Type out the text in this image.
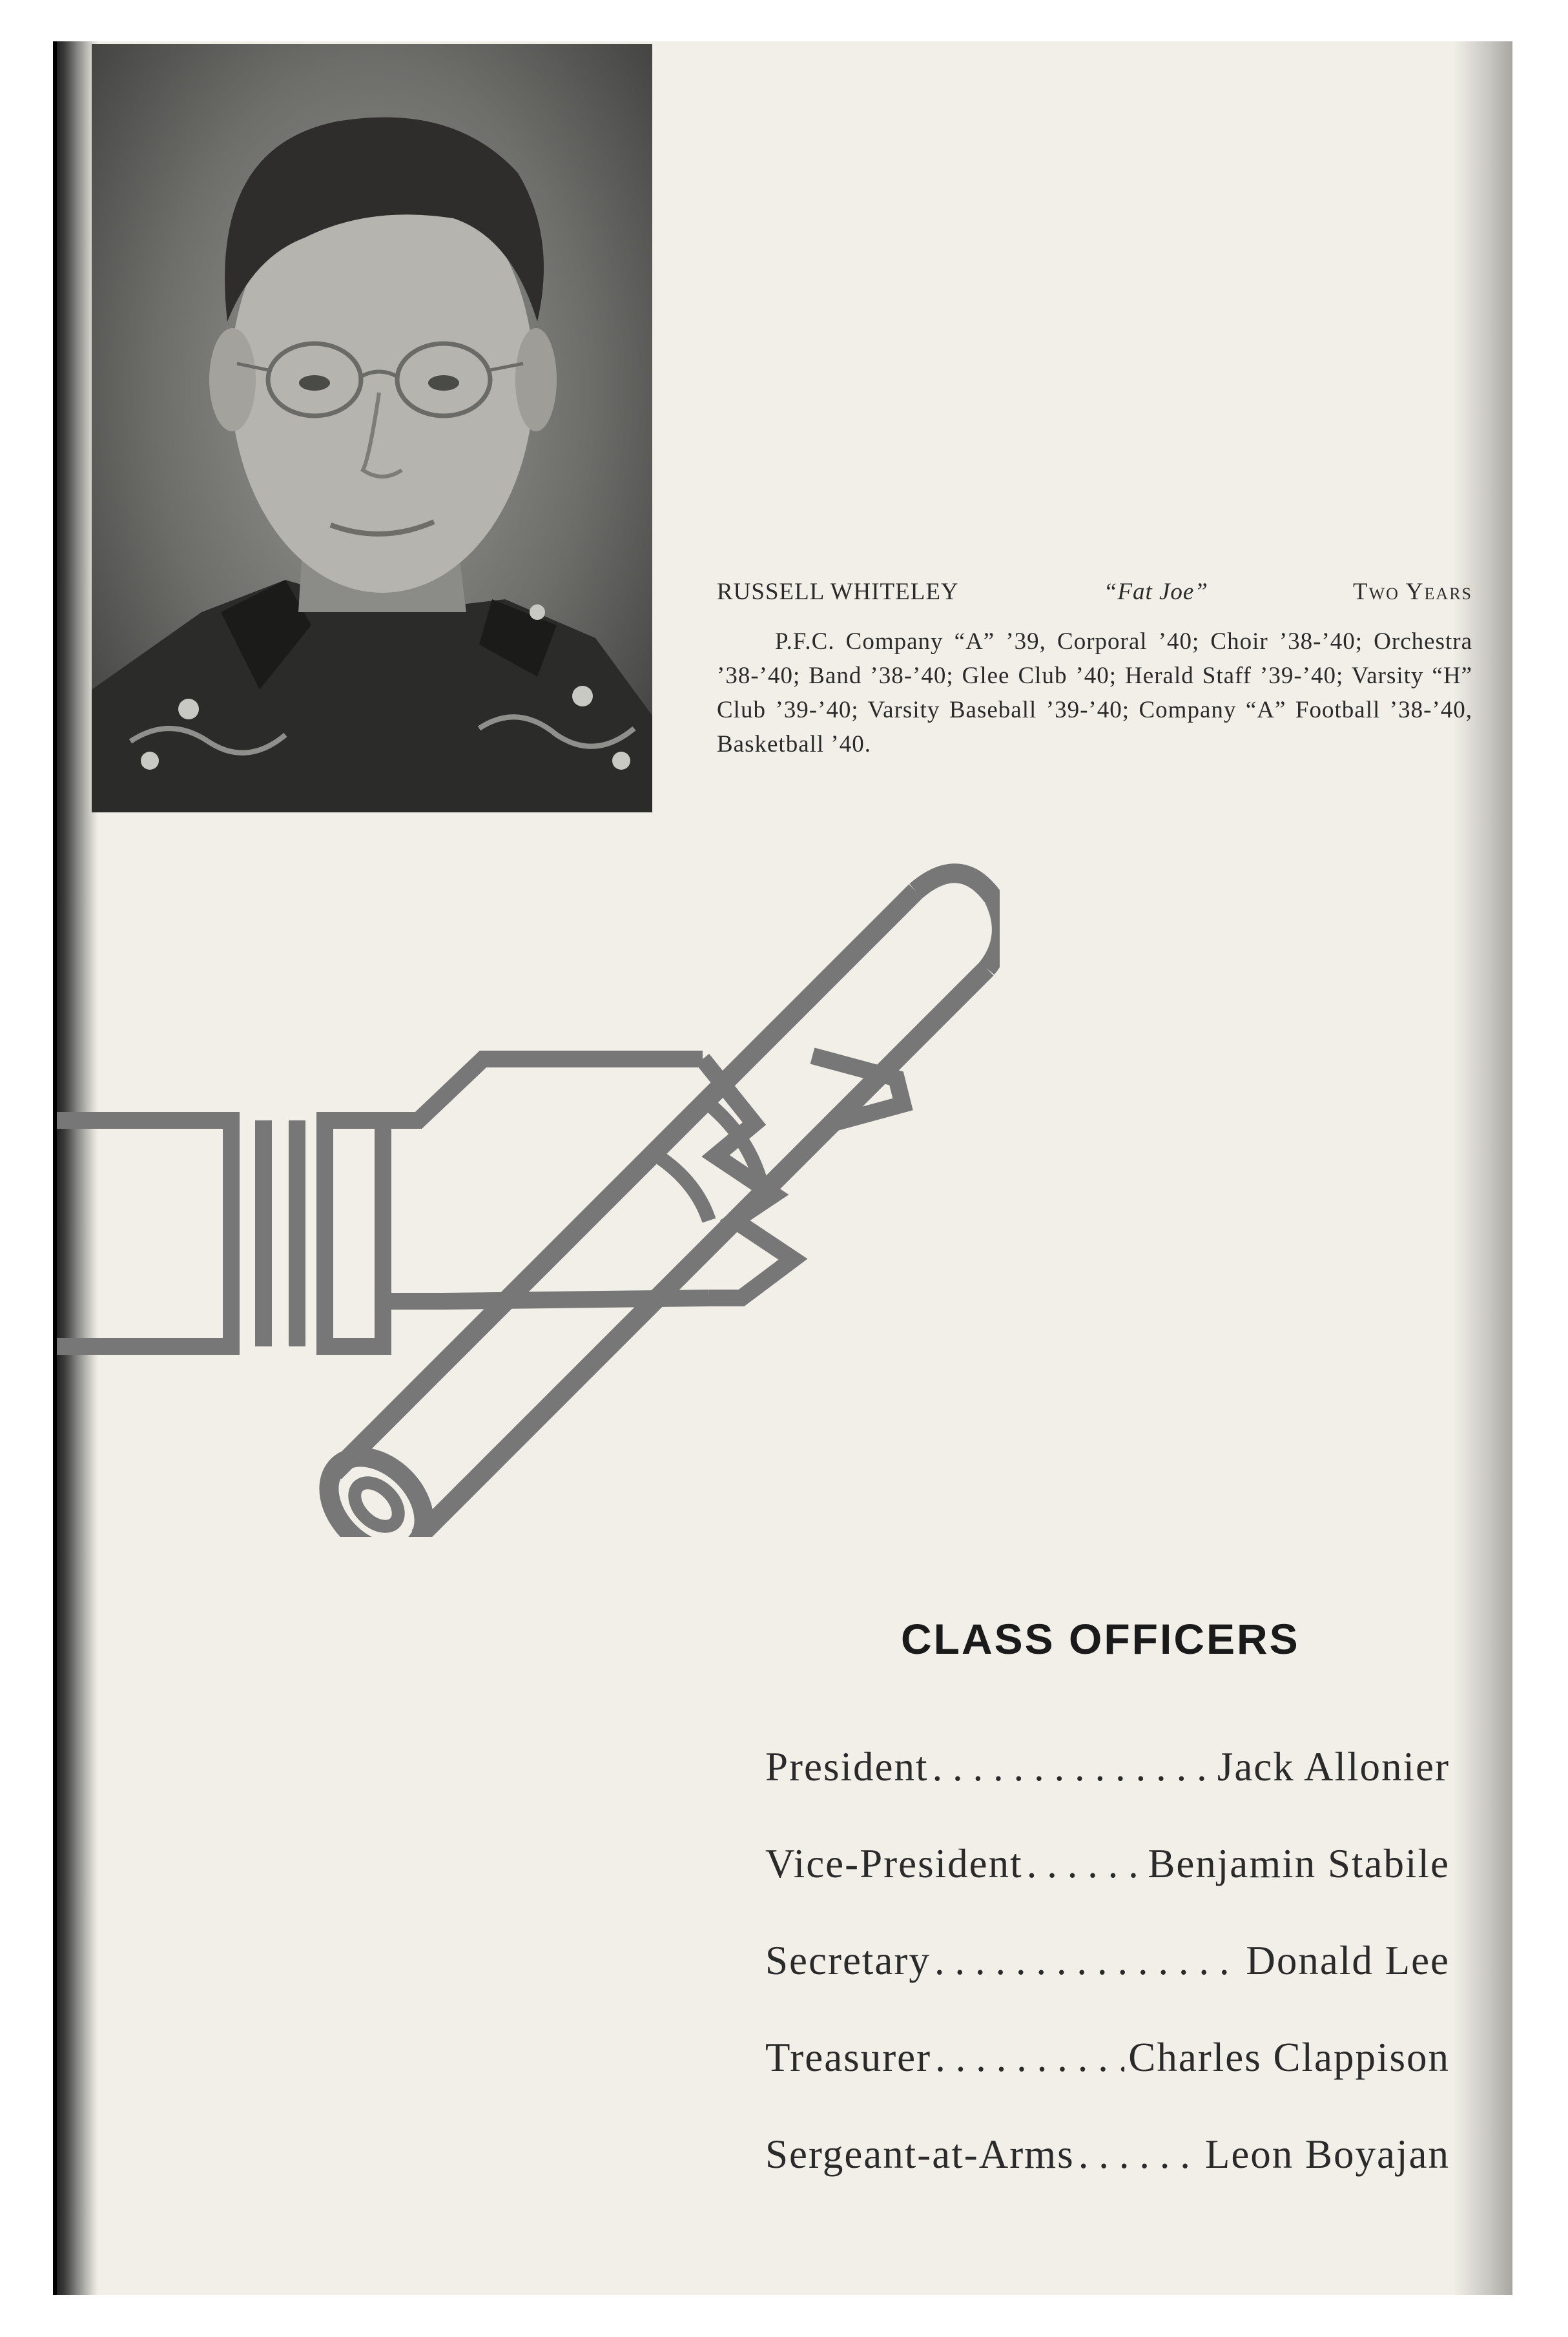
RUSSELL WHITELEY	“Fat Joe”	Two Years
P.F.C. Company “A” ’39, Corporal ’40; Choir ’38-’40; Orchestra ’38-’40; Band ’38-’40; Glee Club ’40; Herald Staff ’39-’40; Varsity “H” Club ’39-’40; Varsity Baseball ’39-’40; Company “A” Football ’38-’40, Basketball ’40.
CLASS OFFICERS
President . . .	Jack Allonier
Vice-President . . .	Benjamin Stabile
Secretary . . .	Donald Lee
Treasurer . . .	Charles Clappison
Sergeant-at-Arms . . .	Leon Boyajan
